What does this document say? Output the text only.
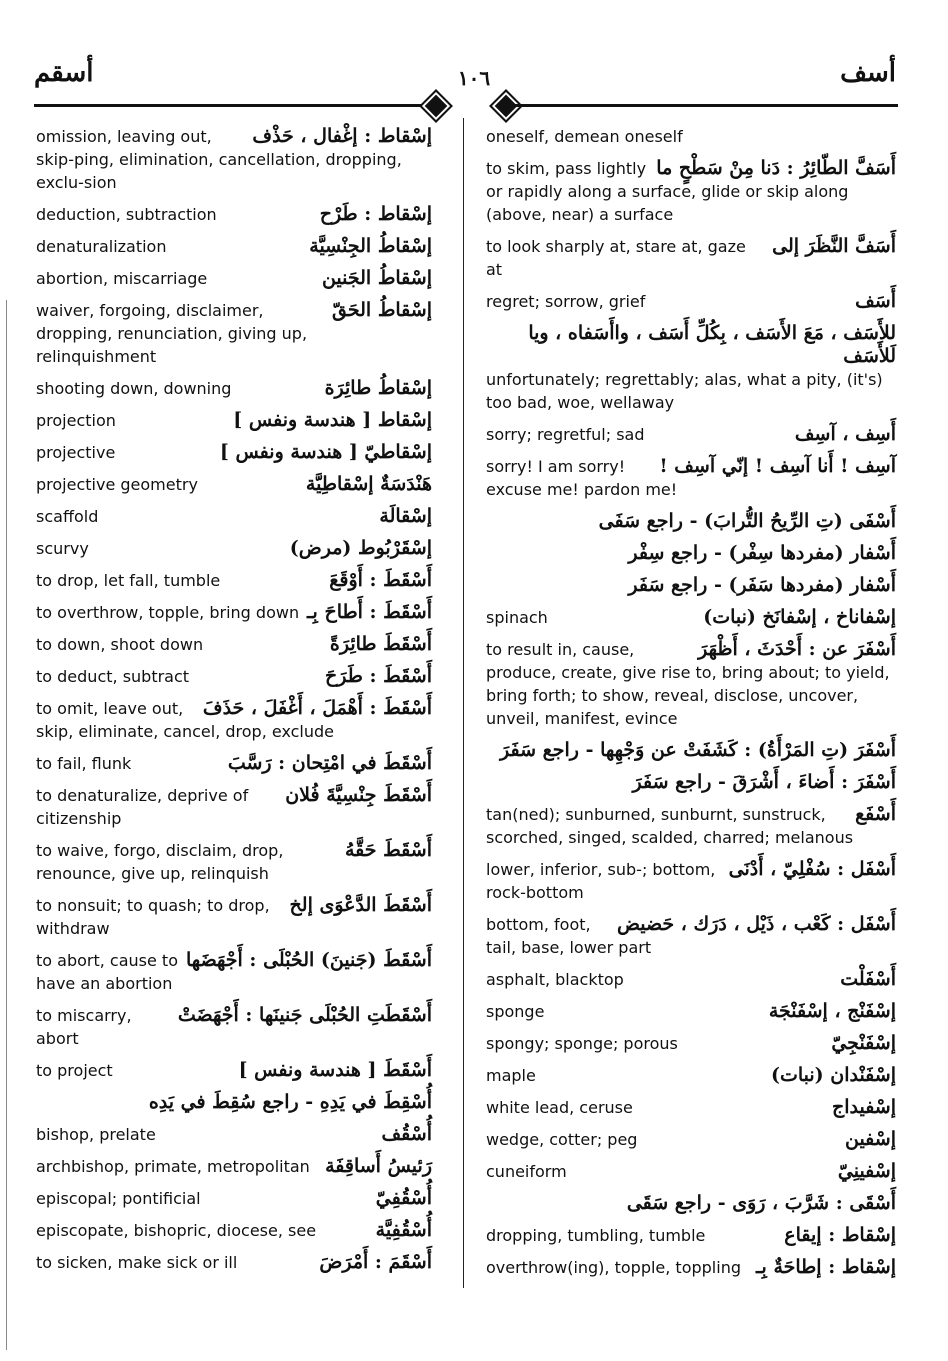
أسف
١٠٦
أسقم
إسْقاط : إغْفال ، حَذْف
omission, leaving out, skip-ping, elimination, cancellation, dropping, exclu-sion
إسْقاط : طَرْح
deduction, subtraction
إسْقاطُ الجِنْسِيَّة
denaturalization
إسْقاطُ الجَنين
abortion, miscarriage
إسْقاطُ الحَقّ
waiver, forgoing, disclaimer, dropping, renunciation, giving up, relinquishment
إسْقاطُ طائِرَة
shooting down, downing
إسْقاط [ هندسة ونفس ]
projection
إسْقاطيّ [ هندسة ونفس ]
projective
هَنْدَسَةٌ إسْقاطِيَّة
projective geometry
إسْقالَة
scaffold
إسْقَرْبُوط (مرض)
scurvy
أَسْقَطَ : أَوْقَعَ
to drop, let fall, tumble
أَسْقَطَ : أَطاحَ بِـ
to overthrow, topple, bring down
أَسْقَطَ طائِرَةً
to down, shoot down
أَسْقَطَ : طَرَحَ
to deduct, subtract
أَسْقَطَ : أَهْمَلَ ، أَغْفَلَ ، حَذَفَ
to omit, leave out, skip, eliminate, cancel, drop, exclude
أَسْقَطَ في امْتِحان : رَسَّبَ
to fail, flunk
أَسْقَطَ جِنْسِيَّةَ فُلان
to denaturalize, deprive of citizenship
أَسْقَطَ حَقَّهُ
to waive, forgo, disclaim, drop, renounce, give up, relinquish
أَسْقَطَ الدَّعْوَى إلخ
to nonsuit; to quash; to drop, withdraw
أَسْقَطَ (جَنينَ) الحُبْلَى : أَجْهَضَها
to abort, cause to have an abortion
أَسْقَطَتِ الحُبْلَى جَنينَها : أَجْهَضَتْ
to miscarry, abort
أَسْقَطَ [ هندسة ونفس ]
to project
أُسْقِطَ في يَدِهِ - راجع سُقِطَ في يَدِه
أُسْقُف
bishop, prelate
رَئيسُ أَساقِفَة
archbishop, primate, metropolitan
أُسْقُفِيّ
episcopal; pontificial
أُسْقُفِيَّة
episcopate, bishopric, diocese, see
أَسْقَمَ : أَمْرَضَ
to sicken, make sick or ill
oneself, demean oneself
أَسَفَّ الطّائِرُ : دَنا مِنْ سَطْحٍ ما
to skim, pass lightly or rapidly along a surface, glide or skip along (above, near) a surface
أَسَفَّ النَّظَرَ إلى
to look sharply at, stare at, gaze at
أَسَف
regret; sorrow, grief
للأَسَف ، مَعَ الأَسَف ، بِكُلِّ أَسَف ، واأَسَفاه ، ويا لَلأَسَف
unfortunately; regrettably; alas, what a pity, (it's) too bad, woe, wellaway
أَسِف ، آسِف
sorry; regretful; sad
آسِف ! أَنا آسِف ! إنّي آسِف !
sorry! I am sorry! excuse me! pardon me!
أَسْفَى (تِ الرِّيحُ التُّرابَ) - راجع سَفَى
أَسْفار (مفردها سِفْر) - راجع سِفْر
أَسْفار (مفردها سَفَر) - راجع سَفَر
إسْفاناخ ، إسْفانَخ (نبات)
spinach
أَسْفَرَ عن : أَحْدَثَ ، أَظْهَرَ
to result in, cause, produce, create, give rise to, bring about; to yield, bring forth; to show, reveal, disclose, uncover, unveil, manifest, evince
أَسْفَرَ (تِ المَرْأَةُ) : كَشَفَتْ عن وَجْهِها - راجع سَفَرَ
أَسْفَرَ : أَضاءَ ، أَشْرَقَ - راجع سَفَرَ
أَسْفَع
tan(ned); sunburned, sunburnt, sunstruck, scorched, singed, scalded, charred; melanous
أَسْفَل : سُفْلِيّ ، أَدْنَى
lower, inferior, sub-; bottom, rock-bottom
أَسْفَل : كَعْب ، ذَيْل ، دَرَك ، حَضيض
bottom, foot, tail, base, lower part
أَسْفَلْت
asphalt, blacktop
إسْفَنْج ، إسْفَنْجَة
sponge
إسْفَنْجِيّ
spongy; sponge; porous
إسْفَنْدان (نبات)
maple
إسْفيداج
white lead, ceruse
إسْفين
wedge, cotter; peg
إسْفينِيّ
cuneiform
أَسْقَى : شَرَّبَ ، رَوَى - راجع سَقَى
إسْقاط : إيقاع
dropping, tumbling, tumble
إسْقاط : إطاحَةٌ بِـ
overthrow(ing), topple, toppling
